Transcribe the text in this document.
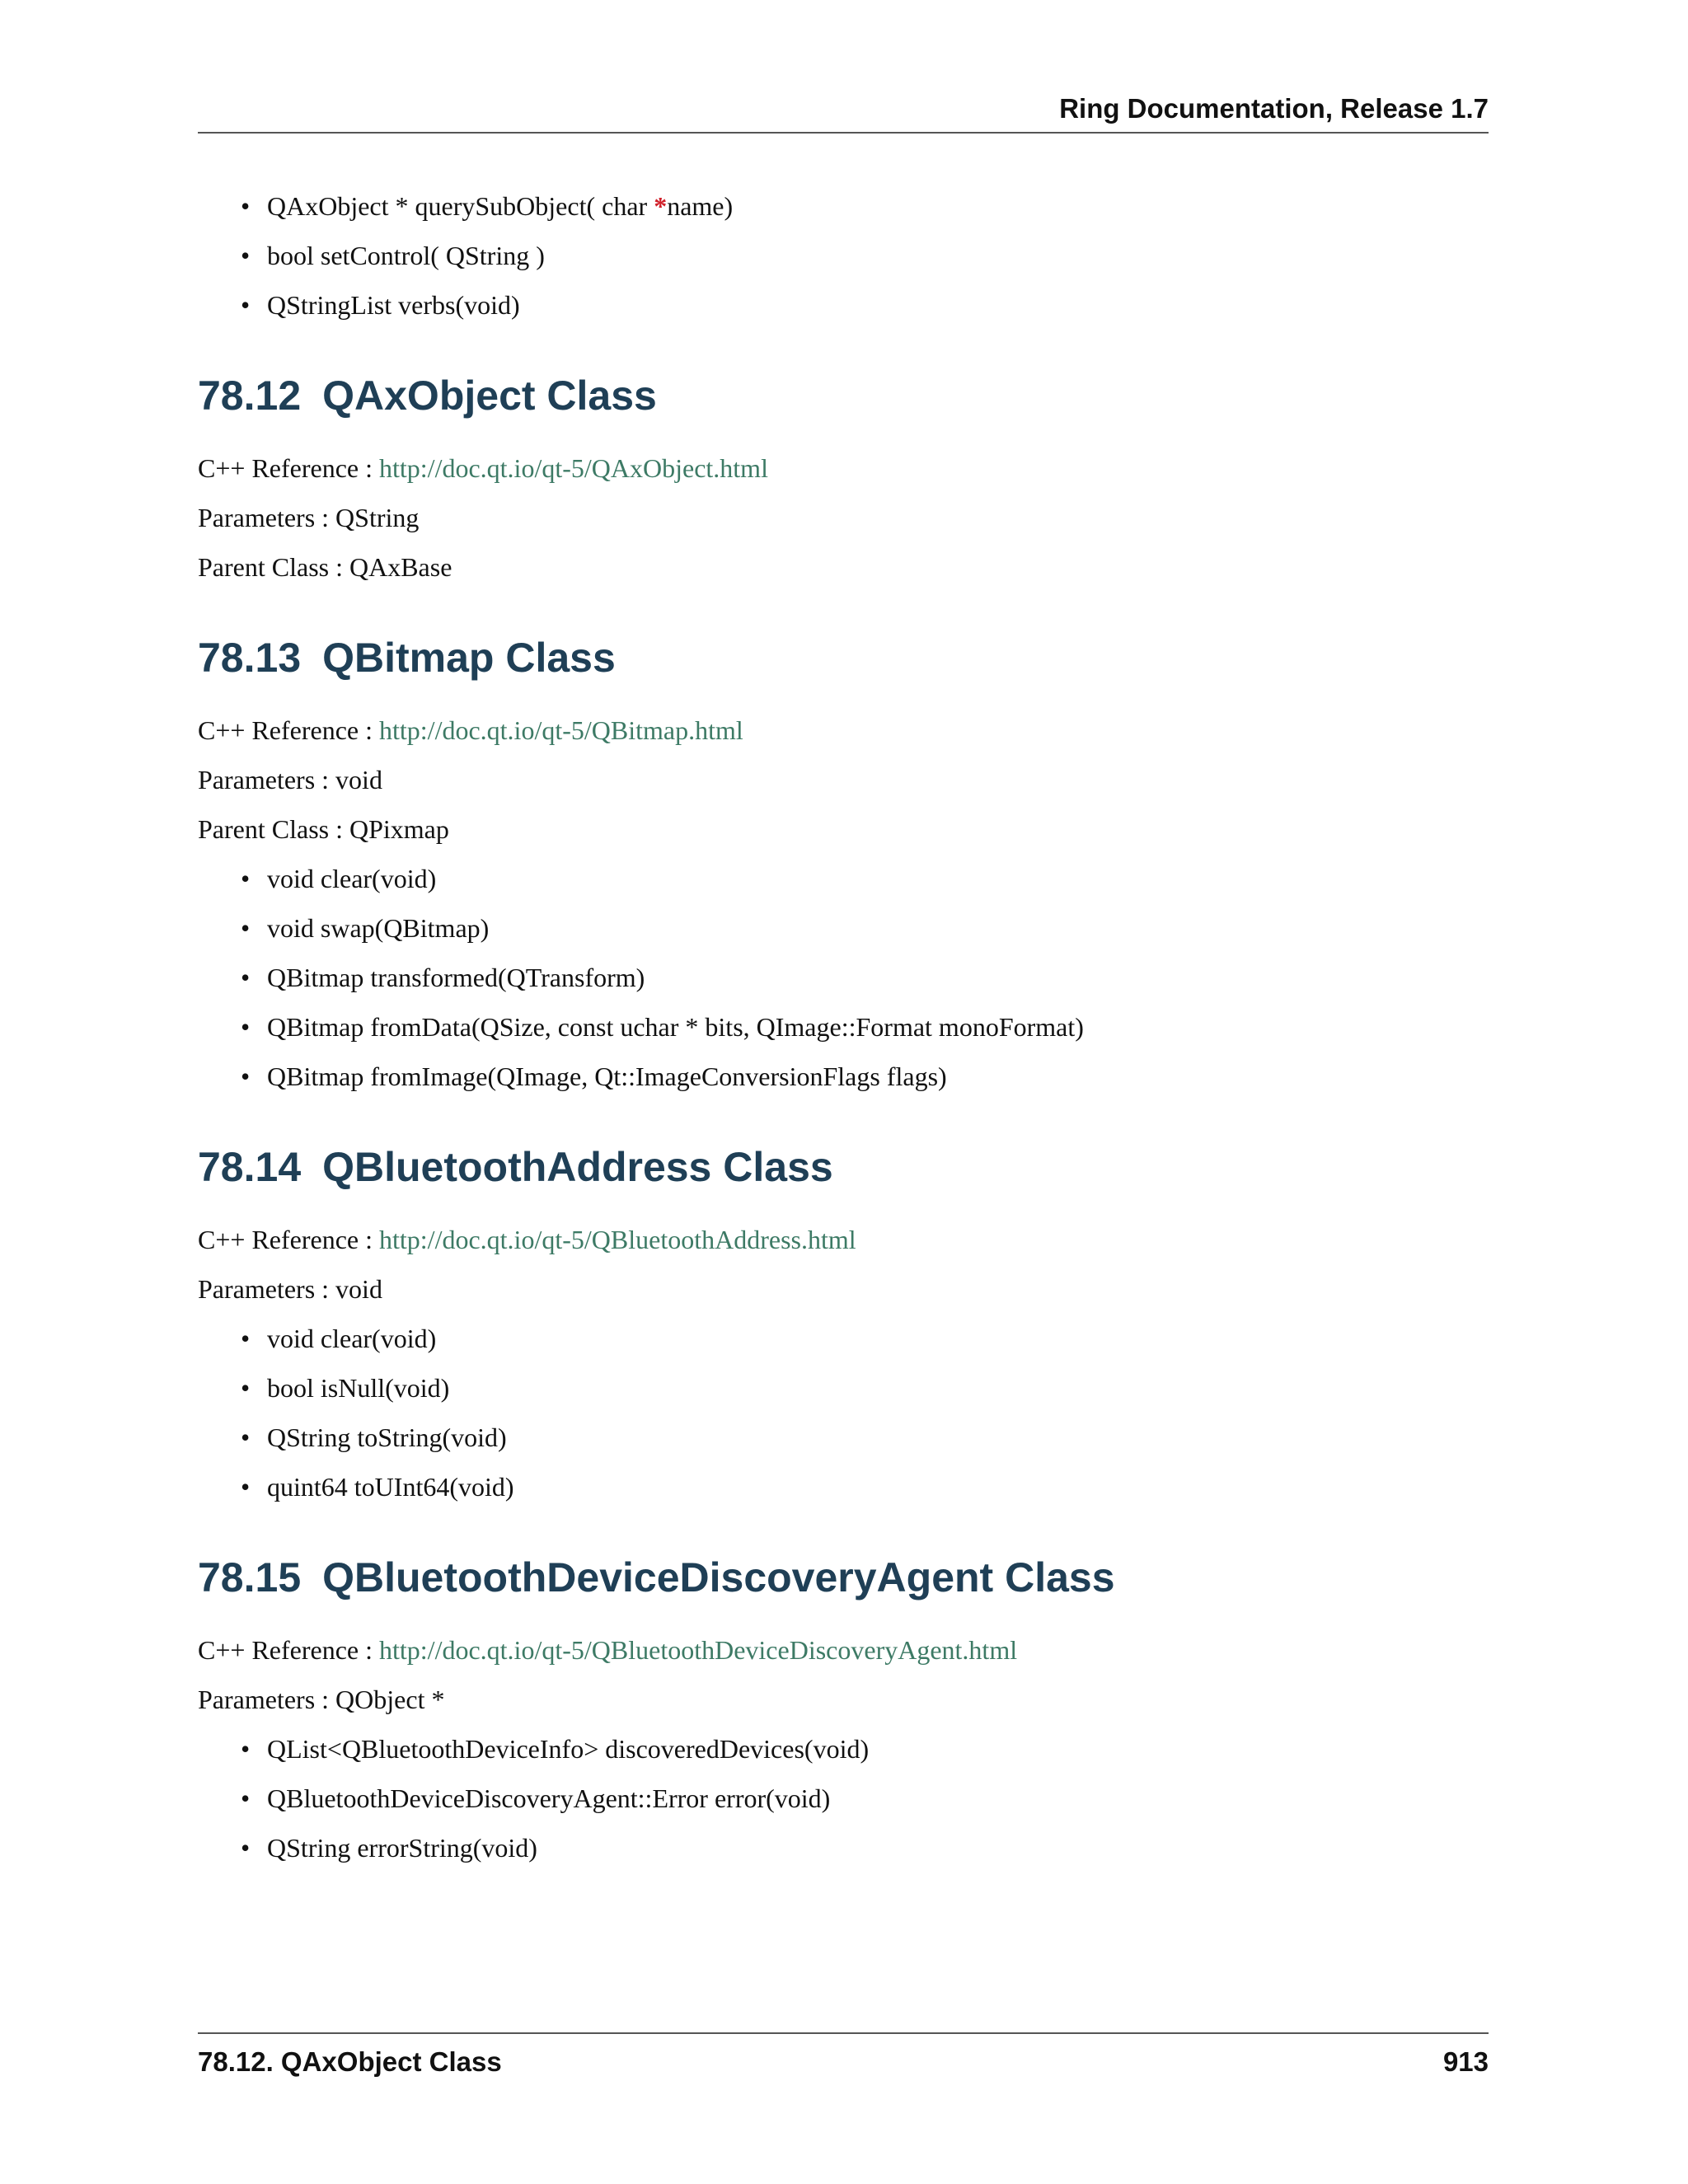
Ring Documentation, Release 1.7
• QAxObject * querySubObject( char *name)
• bool setControl( QString )
• QStringList verbs(void)
78.12 QAxObject Class

C++ Reference : http://doc.qt.io/qt-5/QAxObject.html

Parameters : QString

Parent Class : QAxBase

78.13 QBitmap Class

C++ Reference : http://doc.qt.io/qt-5/QBitmap.html

Parameters : void

Parent Class : QPixmap

• void clear(void)
• void swap(QBitmap)
• QBitmap transformed(QTransform)
• QBitmap fromData(QSize, const uchar * bits, QImage::Format monoFormat)
• QBitmap fromImage(QImage, Qt::ImageConversionFlags flags)
78.14 QBluetoothAddress Class

C++ Reference : http://doc.qt.io/qt-5/QBluetoothAddress.html

Parameters : void

• void clear(void)
• bool isNull(void)
• QString toString(void)
• quint64 toUInt64(void)
78.15 QBluetoothDeviceDiscoveryAgent Class

C++ Reference : http://doc.qt.io/qt-5/QBluetoothDeviceDiscoveryAgent.html

Parameters : QObject *

• QList<QBluetoothDeviceInfo> discoveredDevices(void)
• QBluetoothDeviceDiscoveryAgent::Error error(void)
• QString errorString(void)
78.12. QAxObject Class	913
